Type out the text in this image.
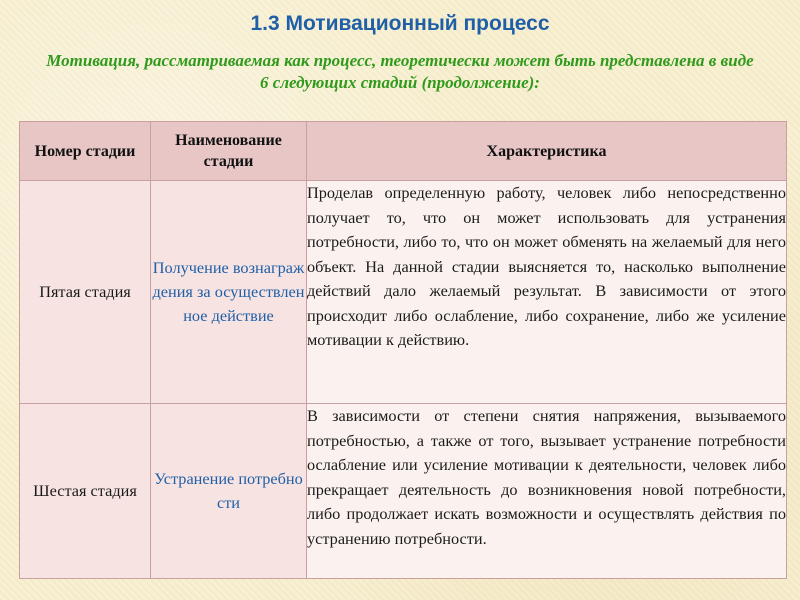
1.3 Мотивационный процесс
Мотивация, рассматриваемая как процесс, теоретически может быть представлена в виде 6 следующих стадий (продолжение):
Номер стадии	Наименование стадии	Характеристика

Пятая стадия	Получение вознаграждения за осуществленное действие	Проделав определенную работу, человек либо непосредственно получает то, что он может использовать для устранения потребности, либо то, что он может обменять на желаемый для него объект. На данной стадии выясняется то, насколько выполнение действий дало желаемый результат. В зависимости от этого происходит либо ослабление, либо сохранение, либо же усиление мотивации к действию.
Шестая стадия	Устранение потребности	В зависимости от степени снятия напряжения, вызываемого потребностью, а также от того, вызывает устранение потребности ослабление или усиление мотивации к деятельности, человек либо прекращает деятельность до возникновения новой потребности, либо продолжает искать возможности и осуществлять действия по устранению потребности.
